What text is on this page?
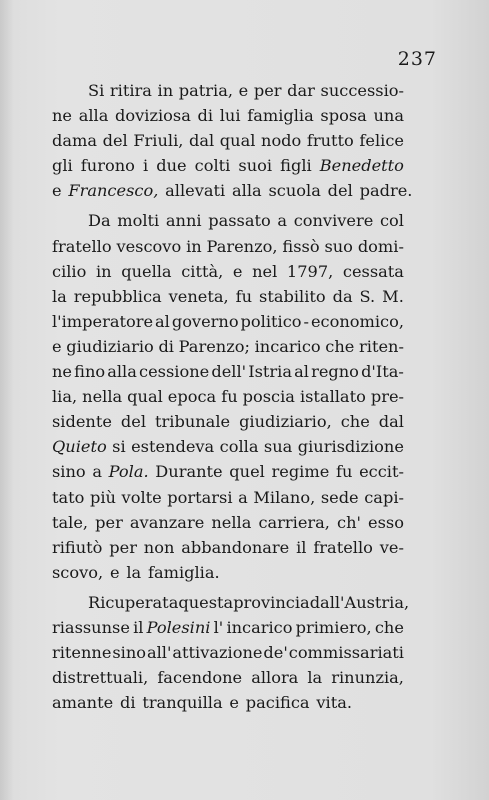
237
Si ritira in patria, e per dar successio-
ne alla doviziosa di lui famiglia sposa una
dama del Friuli, dal qual nodo frutto felice
gli furono i due colti suoi figli Benedetto
e Francesco, allevati alla scuola del padre.
Da molti anni passato a convivere col
fratello vescovo in Parenzo, fissò suo domi-
cilio in quella città, e nel 1797, cessata
la repubblica veneta, fu stabilito da S. M.
l'imperatore al governo politico - economico,
e giudiziario di Parenzo; incarico che riten-
ne fino alla cessione dell' Istria al regno d'Ita-
lia, nella qual epoca fu poscia istallato pre-
sidente del tribunale giudiziario, che dal
Quieto si estendeva colla sua giurisdizione
sino a Pola. Durante quel regime fu eccit-
tato più volte portarsi a Milano, sede capi-
tale, per avanzare nella carriera, ch' esso
rifiutò per non abbandonare il fratello ve-
scovo, e la famiglia.
Ricuperata questa provincia dall'Austria,
riassunse il Polesini l' incarico primiero, che
ritenne sino all' attivazione de' commissariati
distrettuali, facendone allora la rinunzia,
amante di tranquilla e pacifica vita.
